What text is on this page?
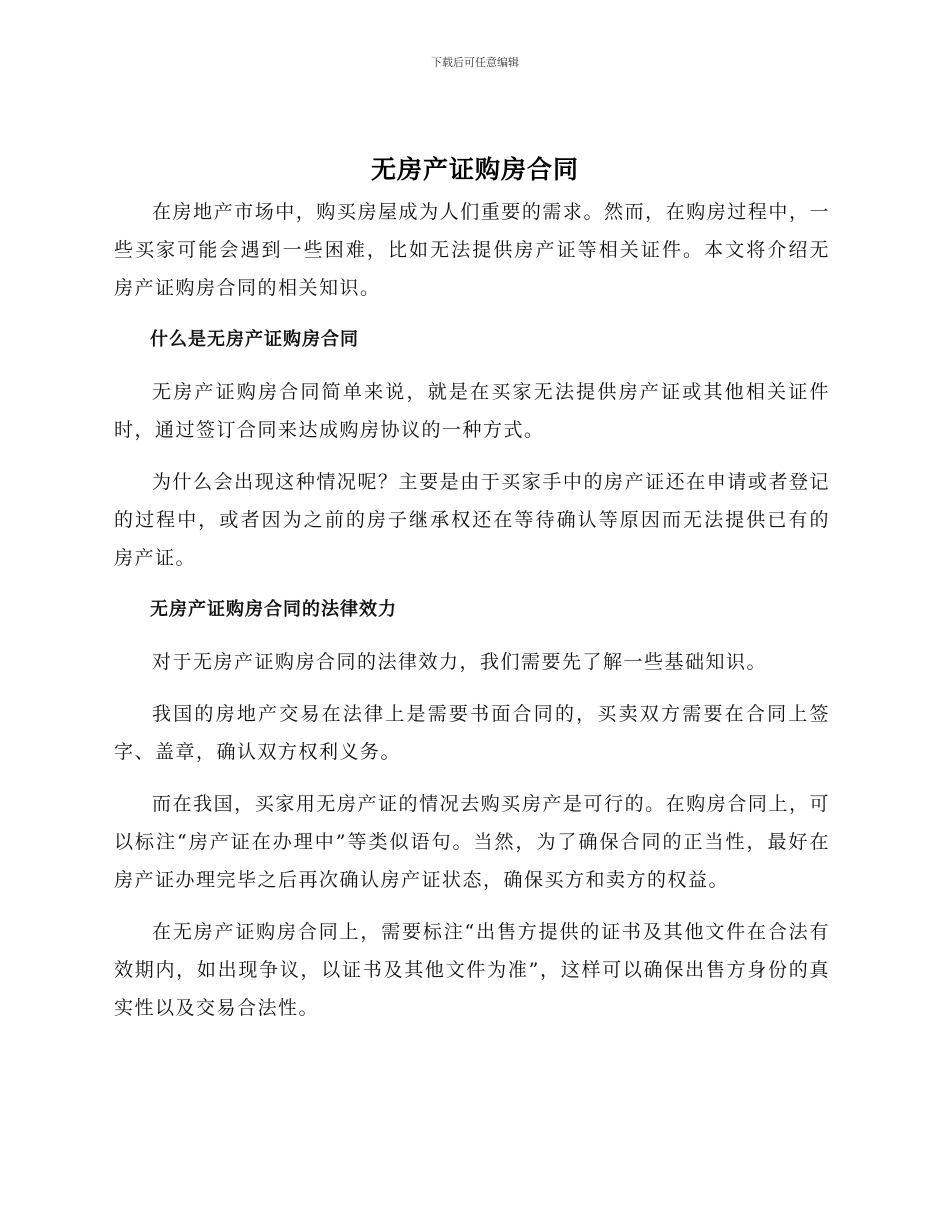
下载后可任意编辑
无房产证购房合同

在房地产市场中，购买房屋成为人们重要的需求。然而，在购房过程中，一些买家可能会遇到一些困难，比如无法提供房产证等相关证件。本文将介绍无房产证购房合同的相关知识。

什么是无房产证购房合同

无房产证购房合同简单来说，就是在买家无法提供房产证或其他相关证件时，通过签订合同来达成购房协议的一种方式。

为什么会出现这种情况呢？主要是由于买家手中的房产证还在申请或者登记的过程中，或者因为之前的房子继承权还在等待确认等原因而无法提供已有的房产证。

无房产证购房合同的法律效力

对于无房产证购房合同的法律效力，我们需要先了解一些基础知识。

我国的房地产交易在法律上是需要书面合同的，买卖双方需要在合同上签字、盖章，确认双方权利义务。

而在我国，买家用无房产证的情况去购买房产是可行的。在购房合同上，可以标注“房产证在办理中”等类似语句。当然，为了确保合同的正当性，最好在房产证办理完毕之后再次确认房产证状态，确保买方和卖方的权益。

在无房产证购房合同上，需要标注“出售方提供的证书及其他文件在合法有效期内，如出现争议，以证书及其他文件为准”，这样可以确保出售方身份的真实性以及交易合法性。
